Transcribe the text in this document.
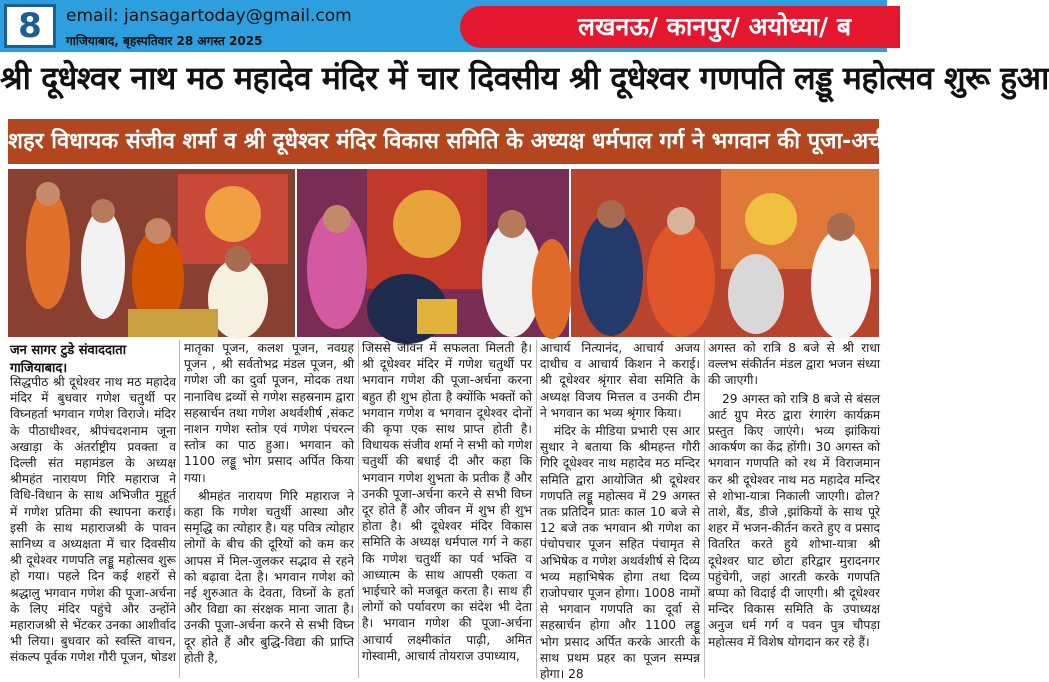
8	email: jansagartoday@gmail.com
गाजियाबाद, बृहस्पतिवार 28 अगस्त 2025	लखनऊ/ कानपुर/ अयोध्या/ ब
श्री दूधेश्वर नाथ मठ महादेव मंदिर में चार दिवसीय श्री दूधेश्वर गणपति लड्डू महोत्सव शुरू हुआ
शहर विधायक संजीव शर्मा व श्री दूधेश्वर मंदिर विकास समिति के अध्यक्ष धर्मपाल गर्ग ने भगवान की पूजा-अर्चना की
जन सागर टुडे संवाददाता
गाजियाबाद।

सिद्धपीठ श्री दूधेश्वर नाथ मठ महादेव मंदिर में बुधवार गणेश चतुर्थी पर विघ्नहर्ता भगवान गणेश विराजे। मंदिर के पीठाधीश्वर, श्रीपंचदशनाम जूना अखाड़ा के अंतर्राष्ट्रीय प्रवक्ता व दिल्ली संत महामंडल के अध्यक्ष श्रीमहंत नारायण गिरि महाराज ने विधि-विधान के साथ अभिजीत मुहूर्त में गणेश प्रतिमा की स्थापना कराई। इसी के साथ महाराजश्री के पावन सानिध्य व अध्यक्षता में चार दिवसीय श्री दूधेश्वर गणपति लड्डू महोत्सव शुरू हो गया। पहले दिन कई शहरों से श्रद्धालु भगवान गणेश की पूजा-अर्चना के लिए मंदिर पहुंचे और उन्होंने महाराजश्री से भेंटकर उनका आशीर्वाद भी लिया। बुधवार को स्वस्ति वाचन, संकल्प पूर्वक गणेश गौरी पूजन, षोडश

मातृका पूजन, कलश पूजन, नवग्रह पूजन , श्री सर्वतोभद्र मंडल पूजन, श्री गणेश जी का दुर्वा पूजन, मोदक तथा नानाविध द्रव्यों से गणेश सहस्रनाम द्वारा सहस्रार्चन तथा गणेश अथर्वशीर्ष ,संकट नाशन गणेश स्तोत्र एवं गणेश पंचरत्न स्तोत्र का पाठ हुआ। भगवान को 1100 लड्डू भोग प्रसाद अर्पित किया गया।

श्रीमहंत नारायण गिरि महाराज ने कहा कि गणेश चतुर्थी आस्था और समृद्धि का त्योहार है। यह पवित्र त्योहार लोगों के बीच की दूरियों को कम कर आपस में मिल-जुलकर सद्भाव से रहने को बढ़ावा देता है। भगवान गणेश को नई शुरुआत के देवता, विघ्नों के हर्ता और विद्या का संरक्षक माना जाता है। उनकी पूजा-अर्चना करने से सभी विघ्न दूर होते हैं और बुद्धि-विद्या की प्राप्ति होती है,

जिससे जीवन में सफलता मिलती है। श्री दूधेश्वर मंदिर में गणेश चतुर्थी पर भगवान गणेश की पूजा-अर्चना करना बहुत ही शुभ होता है क्योंकि भक्तों को भगवान गणेश व भगवान दूधेश्वर दोनों की कृपा एक साथ प्राप्त होती है। विधायक संजीव शर्मा ने सभी को गणेश चतुर्थी की बधाई दी और कहा कि भगवान गणेश शुभता के प्रतीक हैं और उनकी पूजा-अर्चना करने से सभी विघ्न दूर होते हैं और जीवन में शुभ ही शुभ होता है। श्री दूधेश्वर मंदिर विकास समिति के अध्यक्ष धर्मपाल गर्ग ने कहा कि गणेश चतुर्थी का पर्व भक्ति व आध्यात्म के साथ आपसी एकता व भाईचारे को मजबूत करता है। साथ ही लोगों को पर्यावरण का संदेश भी देता है। भगवान गणेश की पूजा-अर्चना आचार्य लक्ष्मीकांत पाढ़ी, अमित गोस्वामी, आचार्य तोयराज उपाध्याय,

आचार्य नित्यानंद, आचार्य अजय दाधीच व आचार्य किशन ने कराई। श्री दूधेश्वर श्रृंगार सेवा समिति के अध्यक्ष विजय मित्तल व उनकी टीम ने भगवान का भव्य श्रृंगार किया।

मंदिर के मीडिया प्रभारी एस आर सुथार ने बताया कि श्रीमहन्त गौरी गिरि दूधेश्वर नाथ महादेव मठ मन्दिर समिति द्वारा आयोजित श्री दूधेश्वर गणपति लड्डू महोत्सव में 29 अगस्त तक प्रतिदिन प्रातः काल 10 बजे से 12 बजे तक भगवान श्री गणेश का पंचोपचार पूजन सहित पंचामृत से अभिषेक व गणेश अथर्वशीर्ष से दिव्य भव्य महाभिषेक होगा तथा दिव्य राजोपचार पूजन होगा। 1008 नामों से भगवान गणपति का दूर्वा से सहस्रार्चन होगा और 1100 लड्डू भोग प्रसाद अर्पित करके आरती के साथ प्रथम प्रहर का पूजन सम्पन्न होगा। 28

अगस्त को रात्रि 8 बजे से श्री राधा वल्लभ संकीर्तन मंडल द्वारा भजन संध्या की जाएगी।

29 अगस्त को रात्रि 8 बजे से बंसल आर्ट ग्रुप मेरठ द्वारा रंगारंग कार्यक्रम प्रस्तुत किए जाएंगे। भव्य झांकियां आकर्षण का केंद्र होंगी। 30 अगस्त को भगवान गणपति को रथ में विराजमान कर श्री दूधेश्वर नाथ मठ महादेव मन्दिर से शोभा-यात्रा निकाली जाएगी। ढोल? ताशे, बैंड, डीजे ,झांकियों के साथ पूरे शहर में भजन-कीर्तन करते हुए व प्रसाद वितरित करते हुये शोभा-यात्रा श्री दूधेश्वर घाट छोटा हरिद्वार मुरादनगर पहुंचेगी, जहां आरती करके गणपति बप्पा को विदाई दी जाएगी। श्री दूधेश्वर मन्दिर विकास समिति के उपाध्यक्ष अनुज धर्म गर्ग व पवन पुत्र चौपड़ा महोत्सव में विशेष योगदान कर रहे हैं।
